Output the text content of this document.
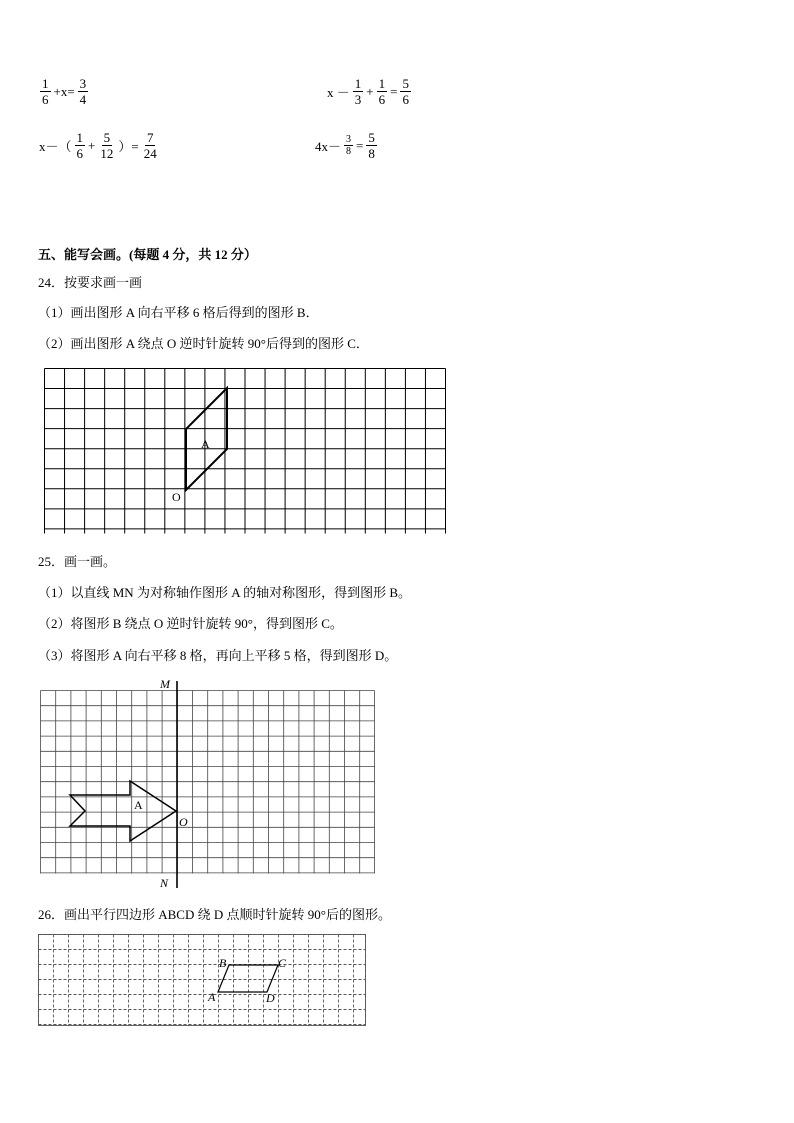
$\frac{1}{6} +x= \frac{3}{4}$	$x - \frac{1}{3} + \frac{1}{6} = \frac{5}{6}$
$x-( \frac{1}{6} + \frac{5}{12}$ ）= $\frac{7}{24}$	$4x- \frac{3}{8} = \frac{5}{8}$
五、能写会画。(每题 4 分，共 12 分）
24．按要求画一画
（1）画出图形 A 向右平移 6 格后得到的图形 B．
（2）画出图形 A 绕点 O 逆时针旋转 90°后得到的图形 C．
A
O
25．画一画。
（1）以直线 MN 为对称轴作图形 A 的轴对称图形，得到图形 B。
（2）将图形 B 绕点 O 逆时针旋转 90°，得到图形 C。
（3）将图形 A 向右平移 8 格，再向上平移 5 格，得到图形 D。
M
N
A
O
26．画出平行四边形 ABCD 绕 D 点顺时针旋转 90°后的图形。
B	C
A	D
